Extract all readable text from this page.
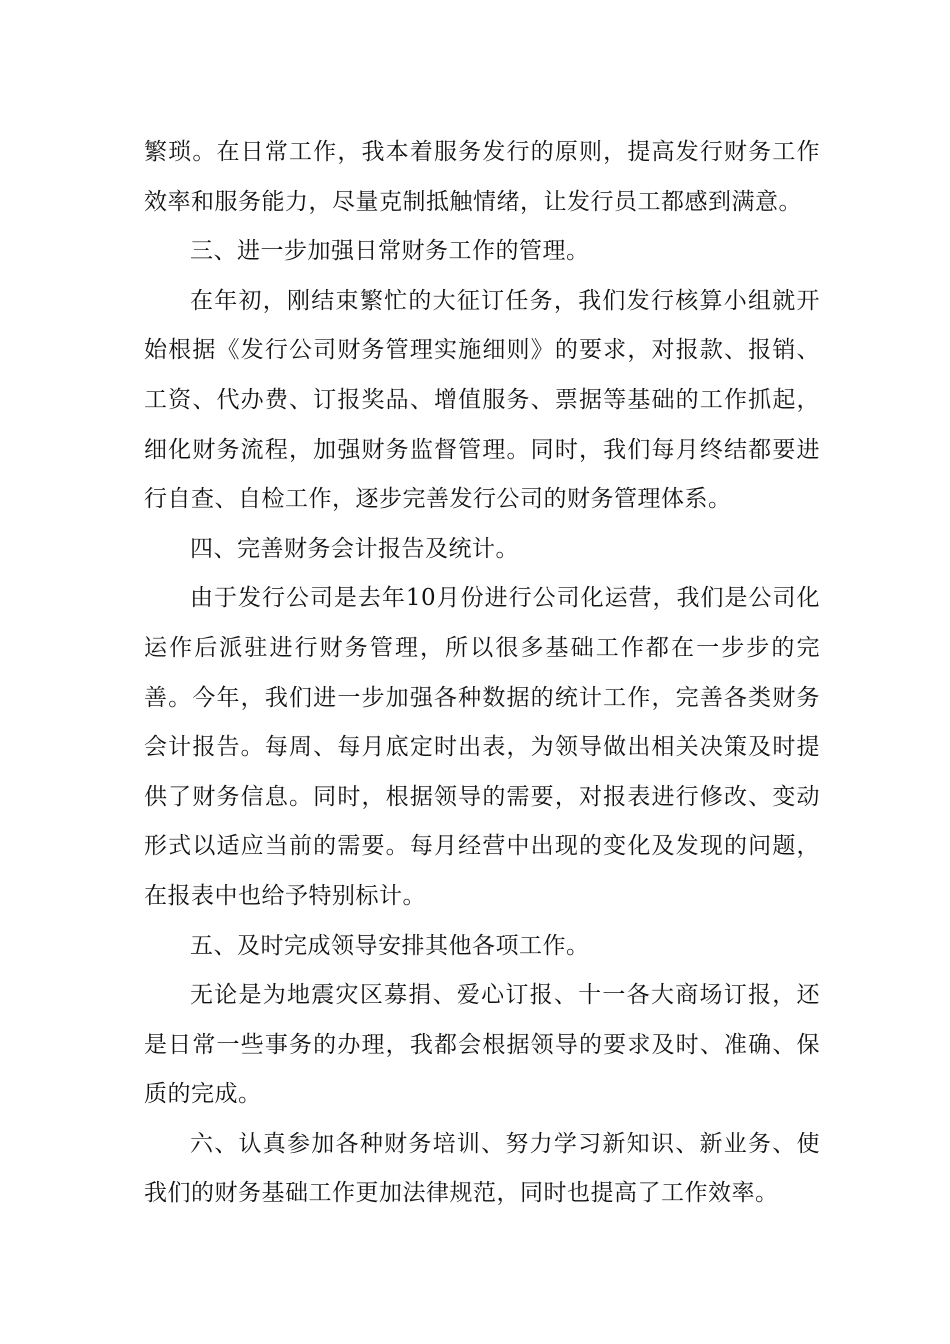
繁琐。在日常工作，我本着服务发行的原则，提高发行财务工作效率和服务能力，尽量克制抵触情绪，让发行员工都感到满意。

三、进一步加强日常财务工作的管理。

在年初，刚结束繁忙的大征订任务，我们发行核算小组就开始根据《发行公司财务管理实施细则》的要求，对报款、报销、工资、代办费、订报奖品、增值服务、票据等基础的工作抓起，细化财务流程，加强财务监督管理。同时，我们每月终结都要进行自查、自检工作，逐步完善发行公司的财务管理体系。

四、完善财务会计报告及统计。

由于发行公司是去年10月份进行公司化运营，我们是公司化运作后派驻进行财务管理，所以很多基础工作都在一步步的完善。今年，我们进一步加强各种数据的统计工作，完善各类财务会计报告。每周、每月底定时出表，为领导做出相关决策及时提供了财务信息。同时，根据领导的需要，对报表进行修改、变动形式以适应当前的需要。每月经营中出现的变化及发现的问题，在报表中也给予特别标计。

五、及时完成领导安排其他各项工作。

无论是为地震灾区募捐、爱心订报、十一各大商场订报，还是日常一些事务的办理，我都会根据领导的要求及时、准确、保质的完成。

六、认真参加各种财务培训、努力学习新知识、新业务、使我们的财务基础工作更加法律规范，同时也提高了工作效率。
